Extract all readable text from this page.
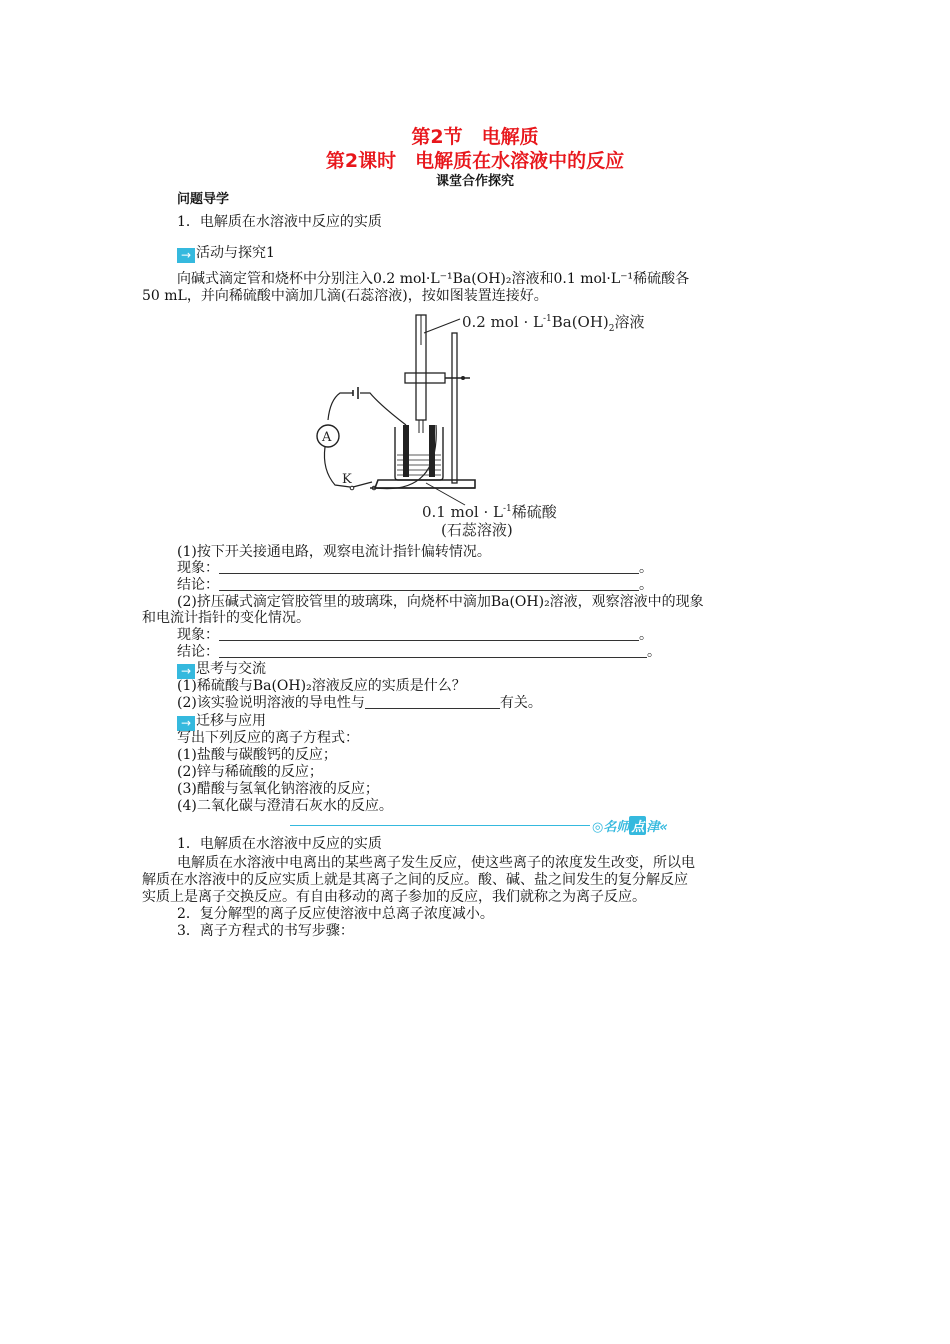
第2节　电解质
第2课时　电解质在水溶液中的反应
课堂合作探究
问题导学
1．电解质在水溶液中反应的实质
→ 活动与探究1
向碱式滴定管和烧杯中分别注入0.2 mol·L⁻¹Ba(OH)₂溶液和0.1 mol·L⁻¹稀硫酸各
50 mL，并向稀硫酸中滴加几滴(石蕊溶液)，按如图装置连接好。
A
K
0.2 mol · $L^{-1}Ba(OH)_2$溶液
0.1 mol · $L^{-1}$稀硫酸
(石蕊溶液)
(1)按下开关接通电路，观察电流计指针偏转情况。
现象：	。
结论：	。
(2)挤压碱式滴定管胶管里的玻璃珠，向烧杯中滴加Ba(OH)₂溶液，观察溶液中的现象
和电流计指针的变化情况。
现象：	。
结论：	。
→ 思考与交流
(1)稀硫酸与Ba(OH)₂溶液反应的实质是什么？
(2)该实验说明溶液的导电性与	有关。
→ 迁移与应用
写出下列反应的离子方程式：
(1)盐酸与碳酸钙的反应；
(2)锌与稀硫酸的反应；
(3)醋酸与氢氧化钠溶液的反应；
(4)二氧化碳与澄清石灰水的反应。
◎名师 点 津«
1．电解质在水溶液中反应的实质
电解质在水溶液中电离出的某些离子发生反应，使这些离子的浓度发生改变，所以电
解质在水溶液中的反应实质上就是其离子之间的反应。酸、碱、盐之间发生的复分解反应
实质上是离子交换反应。有自由移动的离子参加的反应，我们就称之为离子反应。
2．复分解型的离子反应使溶液中总离子浓度减小。
3．离子方程式的书写步骤：
